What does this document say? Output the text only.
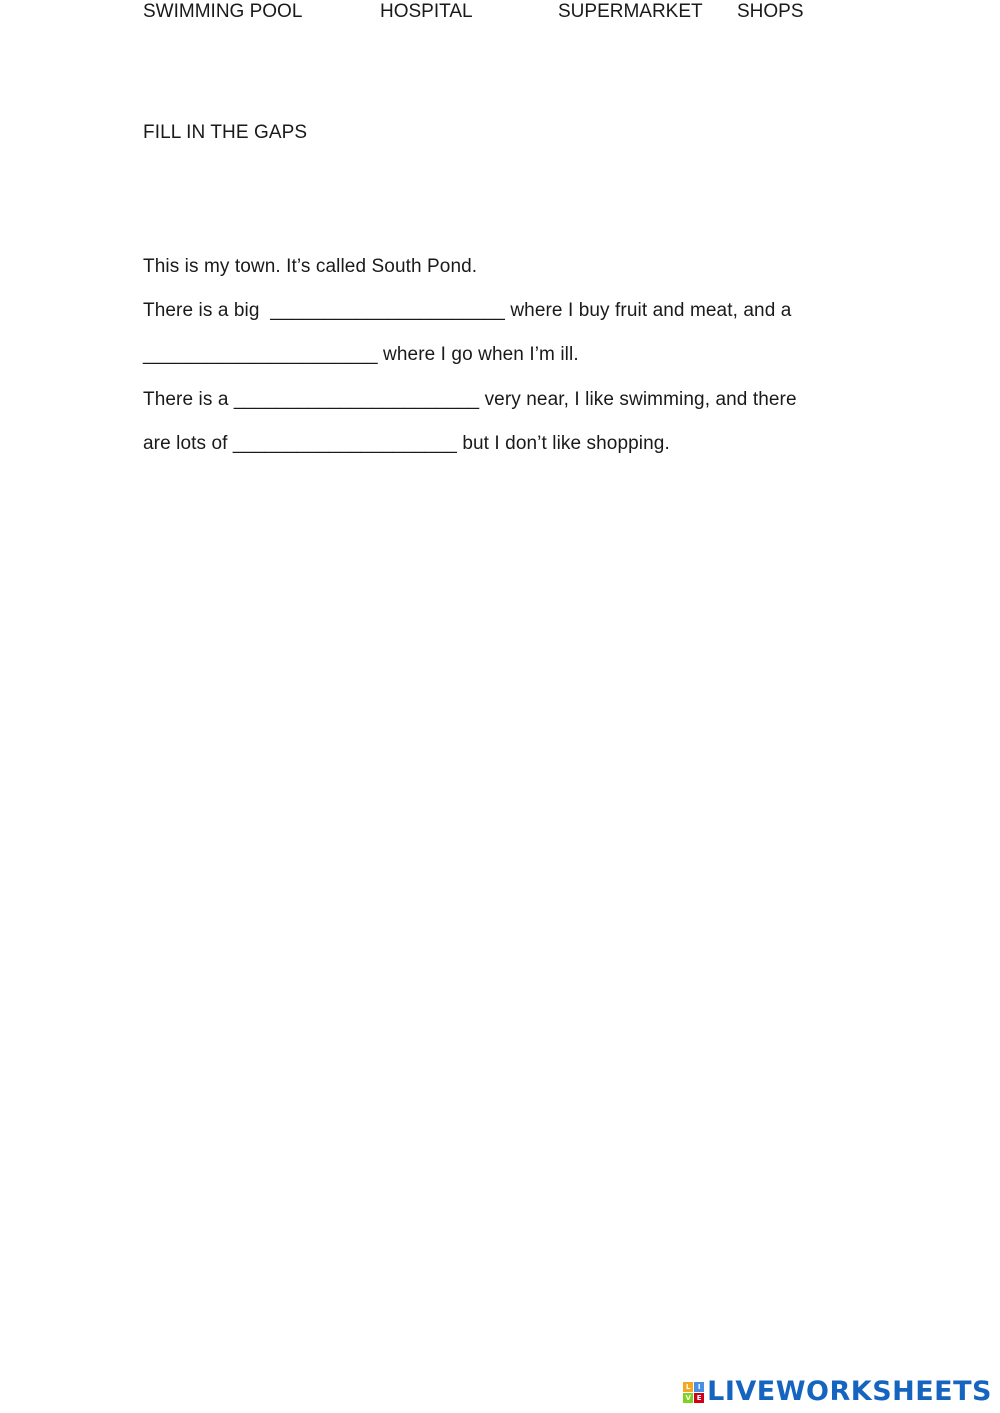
FILL IN THE GAPS
SWIMMING POOL	HOSPITAL	SUPERMARKET SHOPS
This is my town. It’s called South Pond.
There is a big  ______________________ where I buy fruit and meat, and a
______________________ where I go when I’m ill.
There is a _______________________ very near, I like swimming, and there
are lots of _____________________ but I don’t like shopping.
L	I
V E LIVEWORKSHEETS
